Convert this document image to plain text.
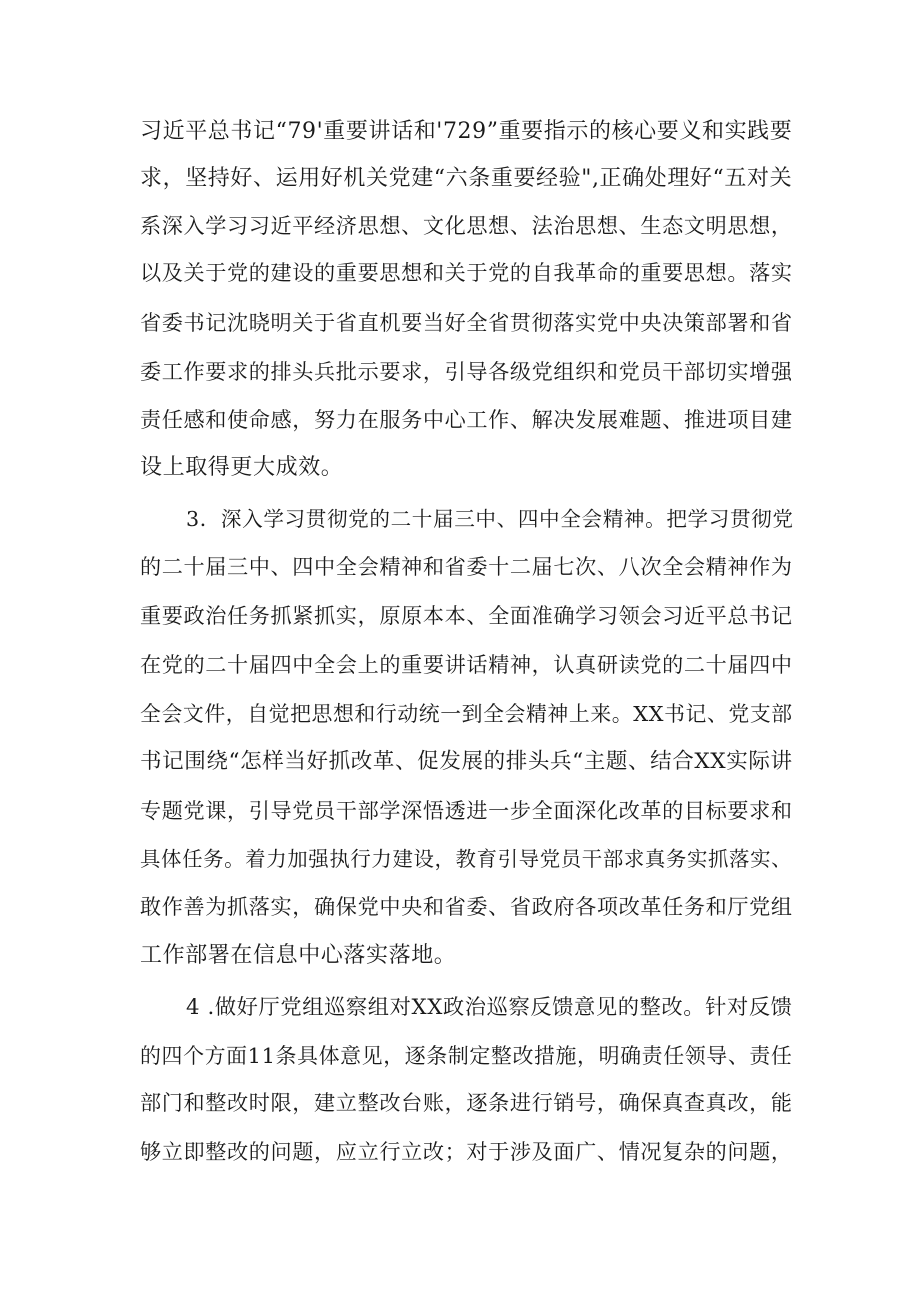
习近平总书记“79'重要讲话和'729”重要指示的核心要义和实践要
求，坚持好、运用好机关党建“六条重要经验",正确处理好“五对关
系深入学习习近平经济思想、文化思想、法治思想、生态文明思想，
以及关于党的建设的重要思想和关于党的自我革命的重要思想。落实
省委书记沈晓明关于省直机要当好全省贯彻落实党中央决策部署和省
委工作要求的排头兵批示要求，引导各级党组织和党员干部切实增强
责任感和使命感，努力在服务中心工作、解决发展难题、推进项目建
设上取得更大成效。
3．深入学习贯彻党的二十届三中、四中全会精神。把学习贯彻党
的二十届三中、四中全会精神和省委十二届七次、八次全会精神作为
重要政治任务抓紧抓实，原原本本、全面准确学习领会习近平总书记
在党的二十届四中全会上的重要讲话精神，认真研读党的二十届四中
全会文件，自觉把思想和行动统一到全会精神上来。XX书记、党支部
书记围绕“怎样当好抓改革、促发展的排头兵“主题、结合XX实际讲
专题党课，引导党员干部学深悟透进一步全面深化改革的目标要求和
具体任务。着力加强执行力建设，教育引导党员干部求真务实抓落实、
敢作善为抓落实，确保党中央和省委、省政府各项改革任务和厅党组
工作部署在信息中心落实落地。
4 .做好厅党组巡察组对XX政治巡察反馈意见的整改。针对反馈
的四个方面11条具体意见，逐条制定整改措施，明确责任领导、责任
部门和整改时限，建立整改台账，逐条进行销号，确保真查真改，能
够立即整改的问题，应立行立改；对于涉及面广、情况复杂的问题，
